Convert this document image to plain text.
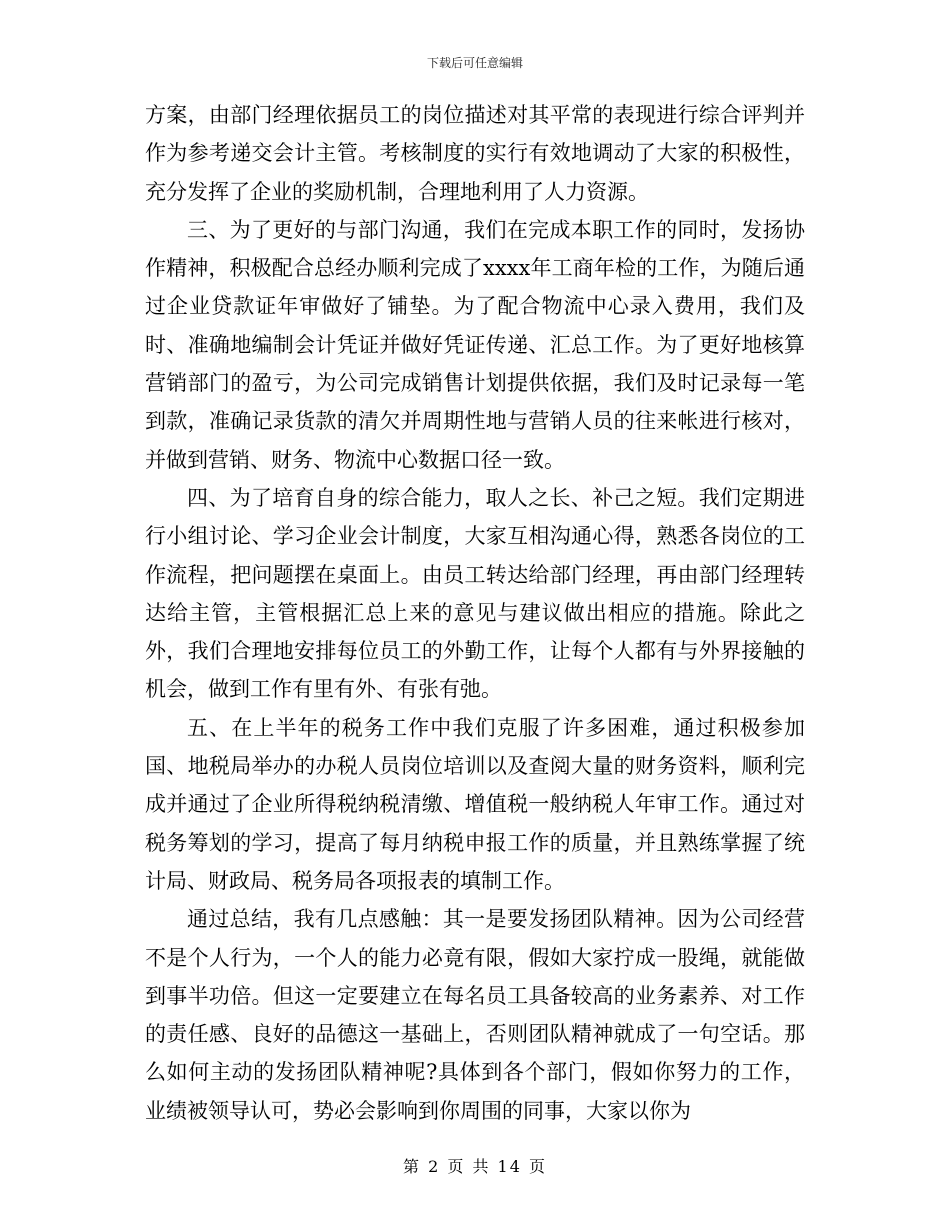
下载后可任意编辑

方案，由部门经理依据员工的岗位描述对其平常的表现进行综合评判并作为参考递交会计主管。考核制度的实行有效地调动了大家的积极性，充分发挥了企业的奖励机制，合理地利用了人力资源。

三、为了更好的与部门沟通，我们在完成本职工作的同时，发扬协作精神，积极配合总经办顺利完成了xxxx年工商年检的工作，为随后通过企业贷款证年审做好了铺垫。为了配合物流中心录入费用，我们及时、准确地编制会计凭证并做好凭证传递、汇总工作。为了更好地核算营销部门的盈亏，为公司完成销售计划提供依据，我们及时记录每一笔到款，准确记录货款的清欠并周期性地与营销人员的往来帐进行核对，并做到营销、财务、物流中心数据口径一致。

四、为了培育自身的综合能力，取人之长、补己之短。我们定期进行小组讨论、学习企业会计制度，大家互相沟通心得，熟悉各岗位的工作流程，把问题摆在桌面上。由员工转达给部门经理，再由部门经理转达给主管，主管根据汇总上来的意见与建议做出相应的措施。除此之外，我们合理地安排每位员工的外勤工作，让每个人都有与外界接触的机会，做到工作有里有外、有张有弛。

五、在上半年的税务工作中我们克服了许多困难，通过积极参加国、地税局举办的办税人员岗位培训以及查阅大量的财务资料，顺利完成并通过了企业所得税纳税清缴、增值税一般纳税人年审工作。通过对税务筹划的学习，提高了每月纳税申报工作的质量，并且熟练掌握了统计局、财政局、税务局各项报表的填制工作。

通过总结，我有几点感触：其一是要发扬团队精神。因为公司经营不是个人行为，一个人的能力必竟有限，假如大家拧成一股绳，就能做到事半功倍。但这一定要建立在每名员工具备较高的业务素养、对工作的责任感、良好的品德这一基础上，否则团队精神就成了一句空话。那么如何主动的发扬团队精神呢?具体到各个部门，假如你努力的工作，业绩被领导认可，势必会影响到你周围的同事，大家以你为

第 2 页 共 14 页
